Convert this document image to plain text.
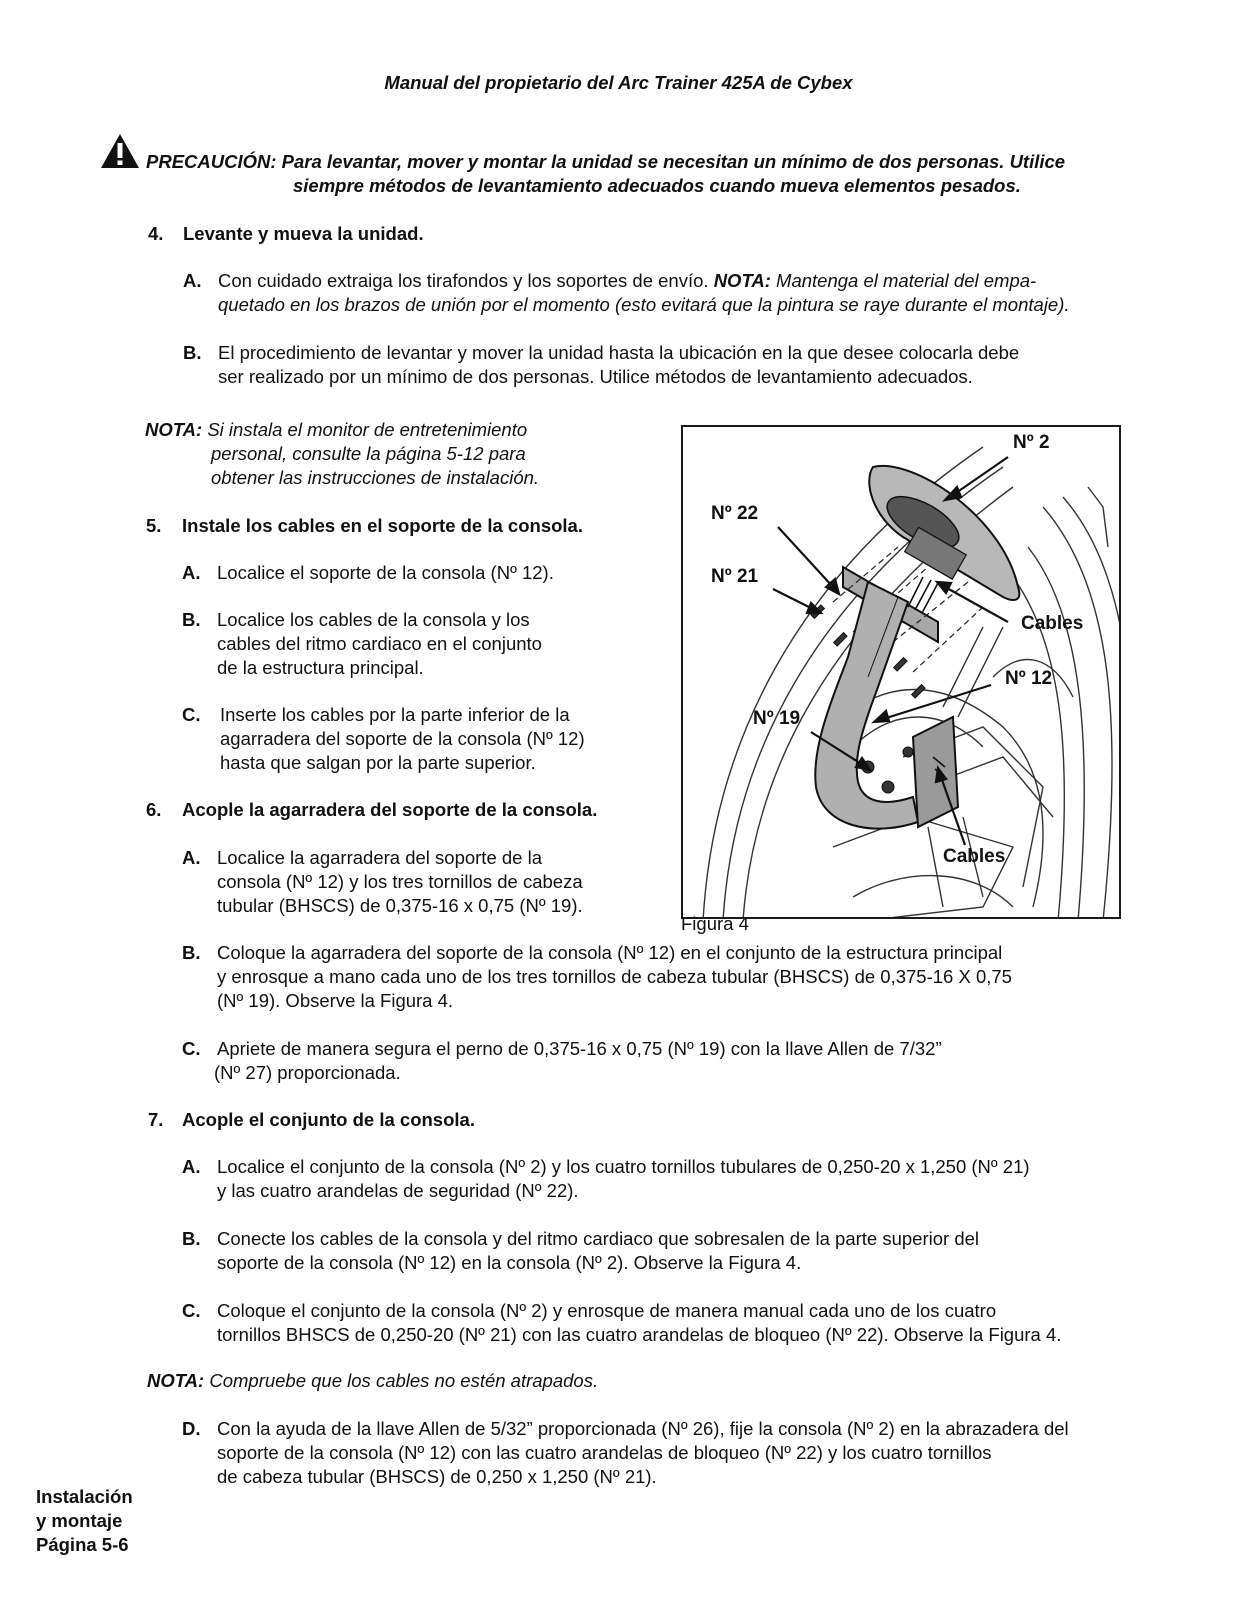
Manual del propietario del Arc Trainer 425A de Cybex
PRECAUCIÓN: Para levantar, mover y montar la unidad se necesitan un mínimo de dos personas. Utilice
siempre métodos de levantamiento adecuados cuando mueva elementos pesados.
4. Levante y mueva la unidad.
A. Con cuidado extraiga los tirafondos y los soportes de envío. NOTA: Mantenga el material del empa-
quetado en los brazos de unión por el momento (esto evitará que la pintura se raye durante el montaje).
B. El procedimiento de levantar y mover la unidad hasta la ubicación en la que desee colocarla debe
ser realizado por un mínimo de dos personas. Utilice métodos de levantamiento adecuados.
NOTA: Si instala el monitor de entretenimiento
personal, consulte la página 5-12 para
obtener las instrucciones de instalación.
5. Instale los cables en el soporte de la consola.
A. Localice el soporte de la consola (Nº 12).
B. Localice los cables de la consola y los
cables del ritmo cardiaco en el conjunto
de la estructura principal.
C. Inserte los cables por la parte inferior de la
agarradera del soporte de la consola (Nº 12)
hasta que salgan por la parte superior.
6. Acople la agarradera del soporte de la consola.
A. Localice la agarradera del soporte de la
consola (Nº 12) y los tres tornillos de cabeza
tubular (BHSCS) de 0,375-16 x 0,75 (Nº 19).
Nº 2
Nº 22
Nº 21
Cables
Nº 12
Nº 19
Cables
Figura 4
B. Coloque la agarradera del soporte de la consola (Nº 12) en el conjunto de la estructura principal
y enrosque a mano cada uno de los tres tornillos de cabeza tubular (BHSCS) de 0,375-16 X 0,75
(Nº 19). Observe la Figura 4.
C. Apriete de manera segura el perno de 0,375-16 x 0,75 (Nº 19) con la llave Allen de 7/32”
(Nº 27) proporcionada.
7. Acople el conjunto de la consola.
A. Localice el conjunto de la consola (Nº 2) y los cuatro tornillos tubulares de 0,250-20 x 1,250 (Nº 21)
y las cuatro arandelas de seguridad (Nº 22).
B. Conecte los cables de la consola y del ritmo cardiaco que sobresalen de la parte superior del
soporte de la consola (Nº 12) en la consola (Nº 2). Observe la Figura 4.
C. Coloque el conjunto de la consola (Nº 2) y enrosque de manera manual cada uno de los cuatro
tornillos BHSCS de 0,250-20 (Nº 21) con las cuatro arandelas de bloqueo (Nº 22). Observe la Figura 4.
NOTA: Compruebe que los cables no estén atrapados.
D. Con la ayuda de la llave Allen de 5/32” proporcionada (Nº 26), fije la consola (Nº 2) en la abrazadera del
soporte de la consola (Nº 12) con las cuatro arandelas de bloqueo (Nº 22) y los cuatro tornillos
de cabeza tubular (BHSCS) de 0,250 x 1,250 (Nº 21).
Instalación
y montaje
Página 5-6
